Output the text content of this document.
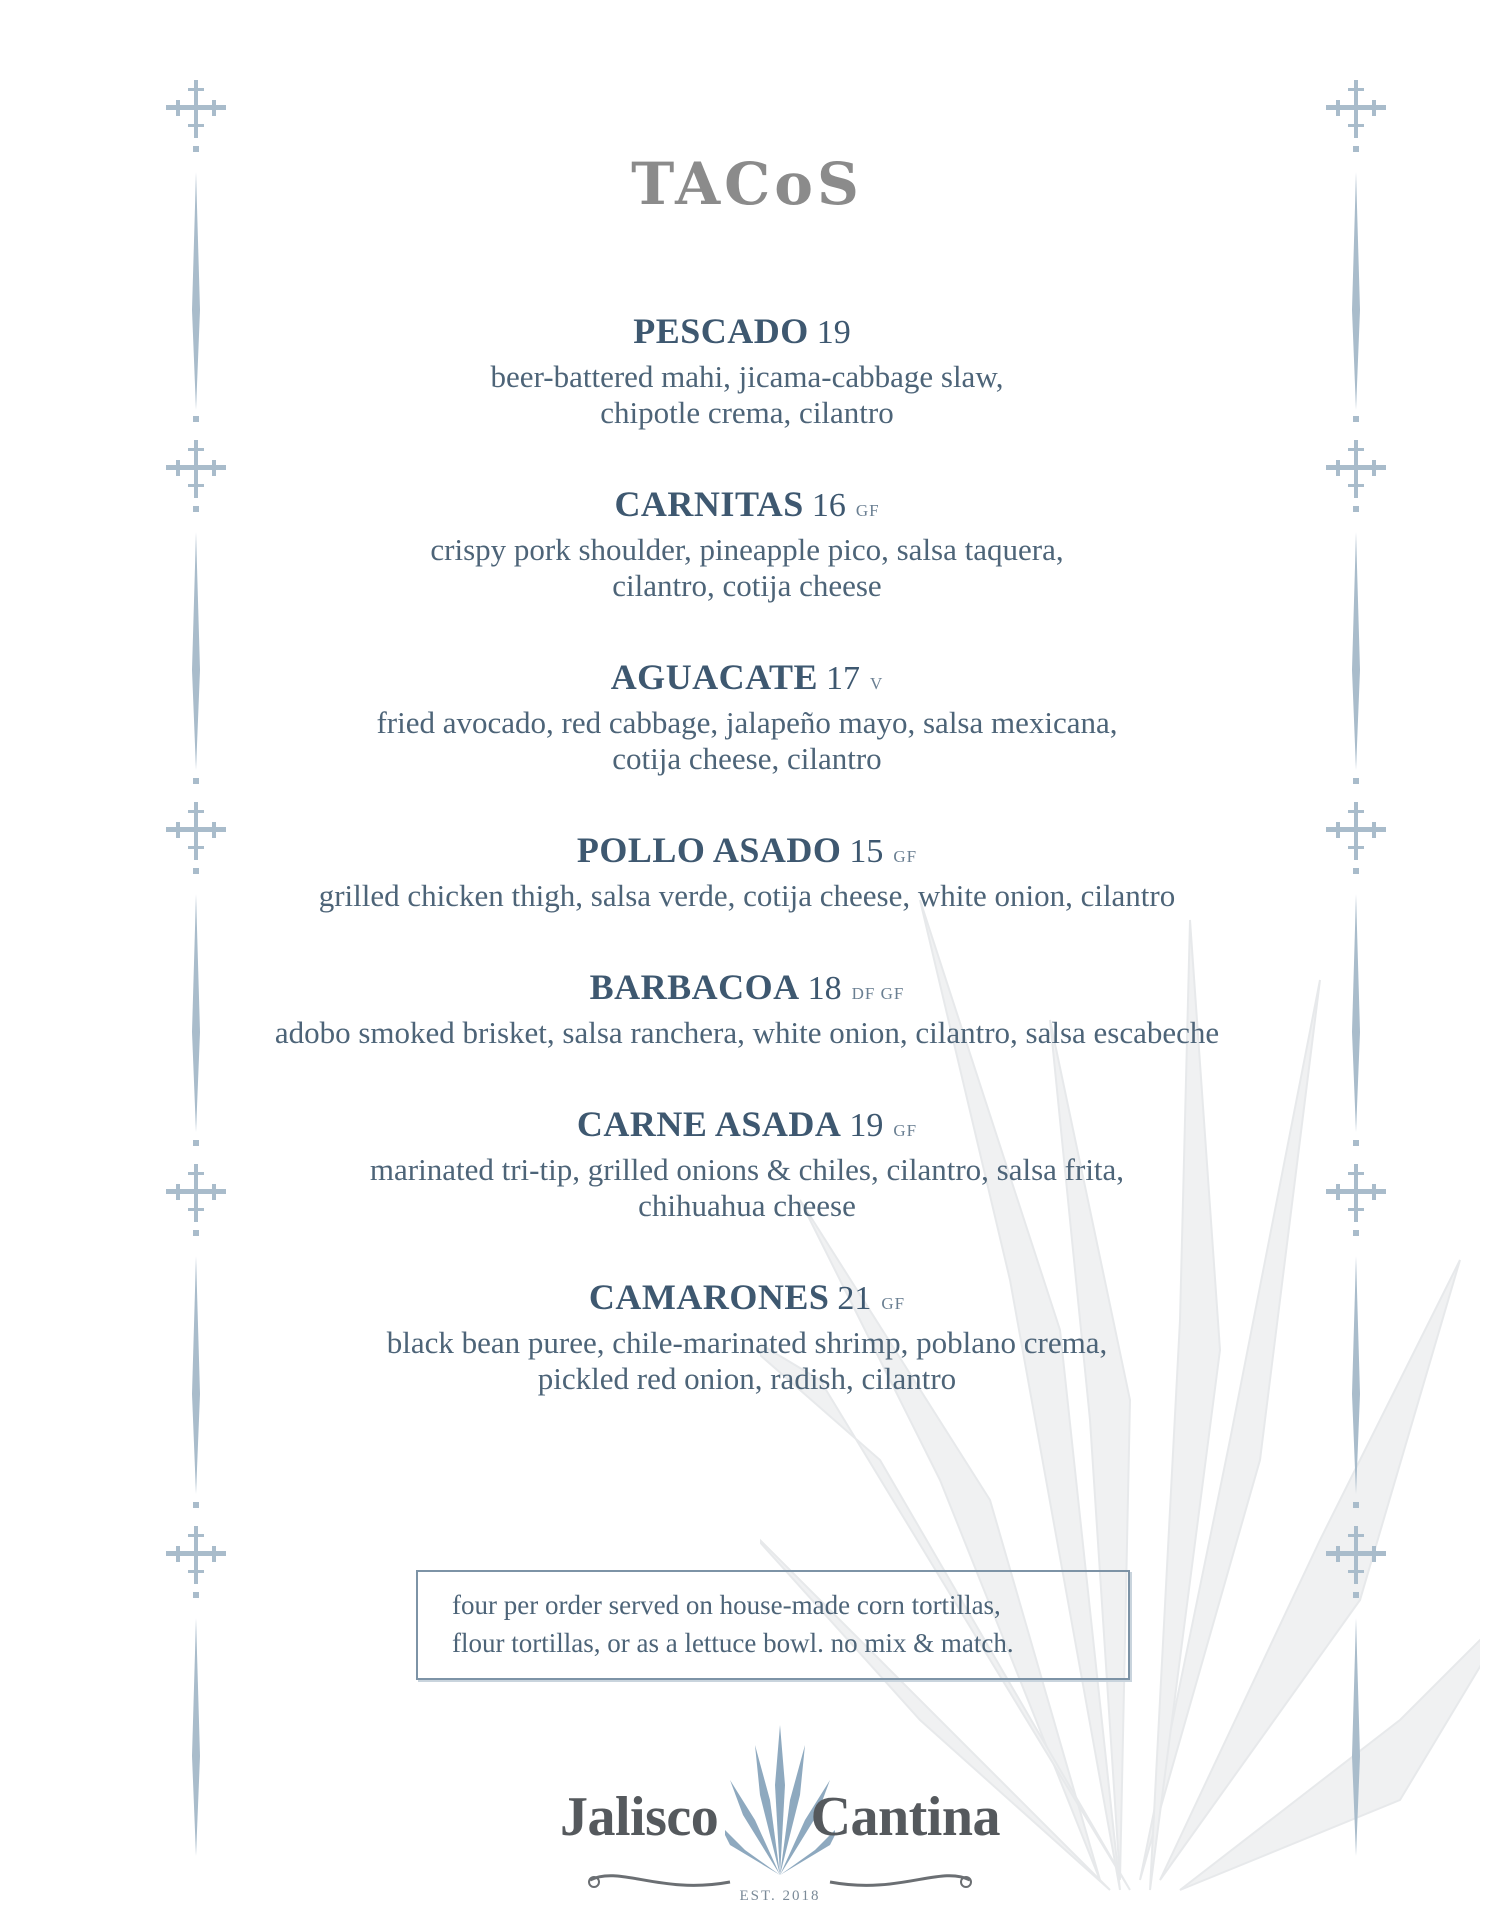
TACoS
PESCADO 19
beer-battered mahi, jicama-cabbage slaw,
chipotle crema, cilantro
CARNITAS 16 GF
crispy pork shoulder, pineapple pico, salsa taquera,
cilantro, cotija cheese
AGUACATE 17 V
fried avocado, red cabbage, jalapeño mayo, salsa mexicana,
cotija cheese, cilantro
POLLO ASADO 15 GF
grilled chicken thigh, salsa verde, cotija cheese, white onion, cilantro
BARBACOA 18 DF GF
adobo smoked brisket, salsa ranchera, white onion, cilantro, salsa escabeche
CARNE ASADA 19 GF
marinated tri-tip, grilled onions & chiles, cilantro, salsa frita,
chihuahua cheese
CAMARONES 21 GF
black bean puree, chile-marinated shrimp, poblano crema,
pickled red onion, radish, cilantro
four per order served on house-made corn tortillas,
flour tortillas, or as a lettuce bowl. no mix & match.
Jalisco Cantina
EST. 2018
